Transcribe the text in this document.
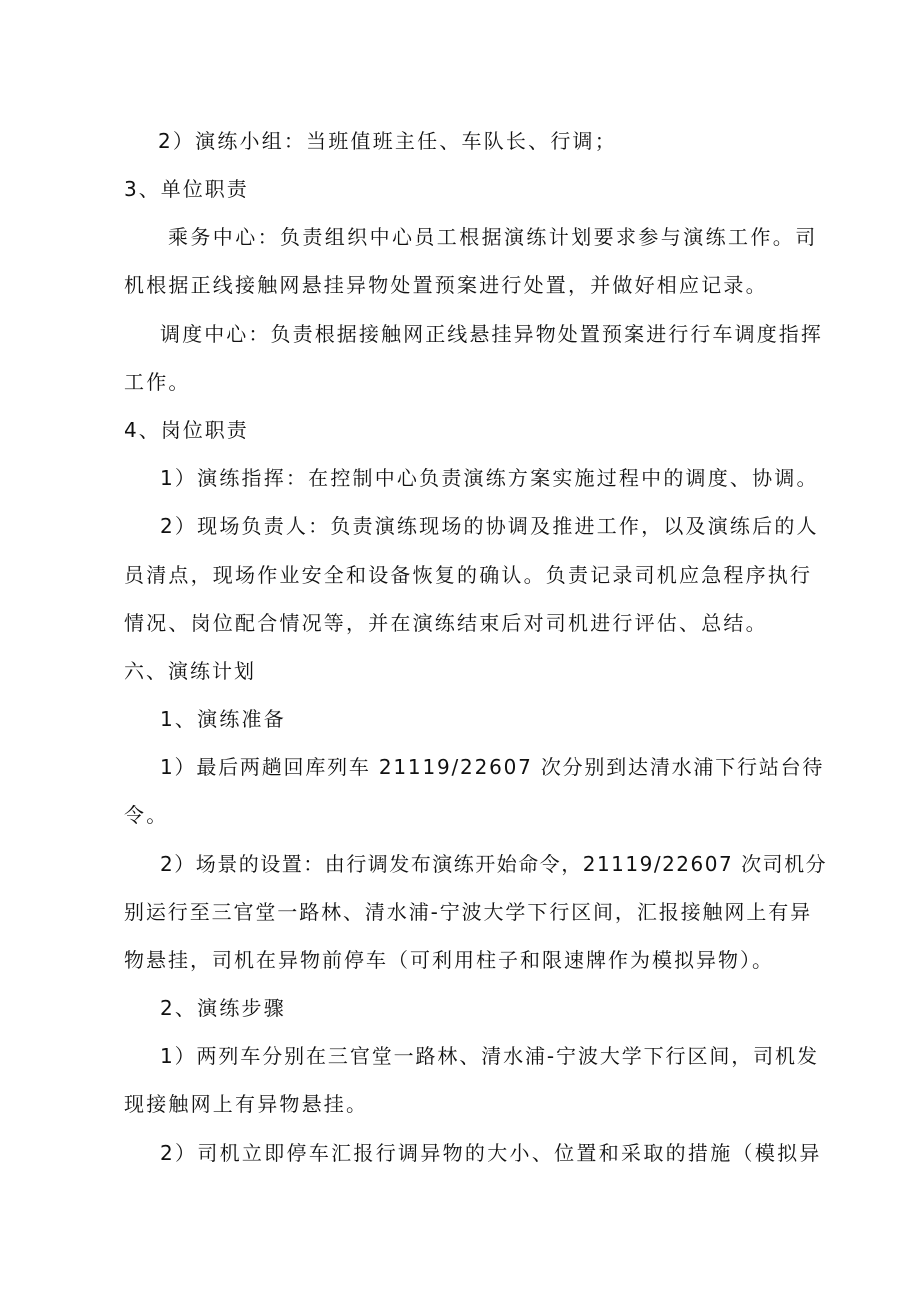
2）演练小组：当班值班主任、车队长、行调；
3、单位职责
乘务中心：负责组织中心员工根据演练计划要求参与演练工作。司
机根据正线接触网悬挂异物处置预案进行处置，并做好相应记录。
调度中心：负责根据接触网正线悬挂异物处置预案进行行车调度指挥
工作。
4、岗位职责
1）演练指挥：在控制中心负责演练方案实施过程中的调度、协调。
2）现场负责人：负责演练现场的协调及推进工作，以及演练后的人
员清点，现场作业安全和设备恢复的确认。负责记录司机应急程序执行
情况、岗位配合情况等，并在演练结束后对司机进行评估、总结。
六、演练计划
1、演练准备
1）最后两趟回库列车 21119/22607 次分别到达清水浦下行站台待
令。
2）场景的设置：由行调发布演练开始命令，21119/22607 次司机分
别运行至三官堂一路林、清水浦-宁波大学下行区间，汇报接触网上有异
物悬挂，司机在异物前停车（可利用柱子和限速牌作为模拟异物）。
2、演练步骤
1）两列车分别在三官堂一路林、清水浦-宁波大学下行区间，司机发
现接触网上有异物悬挂。
2）司机立即停车汇报行调异物的大小、位置和采取的措施（模拟异
